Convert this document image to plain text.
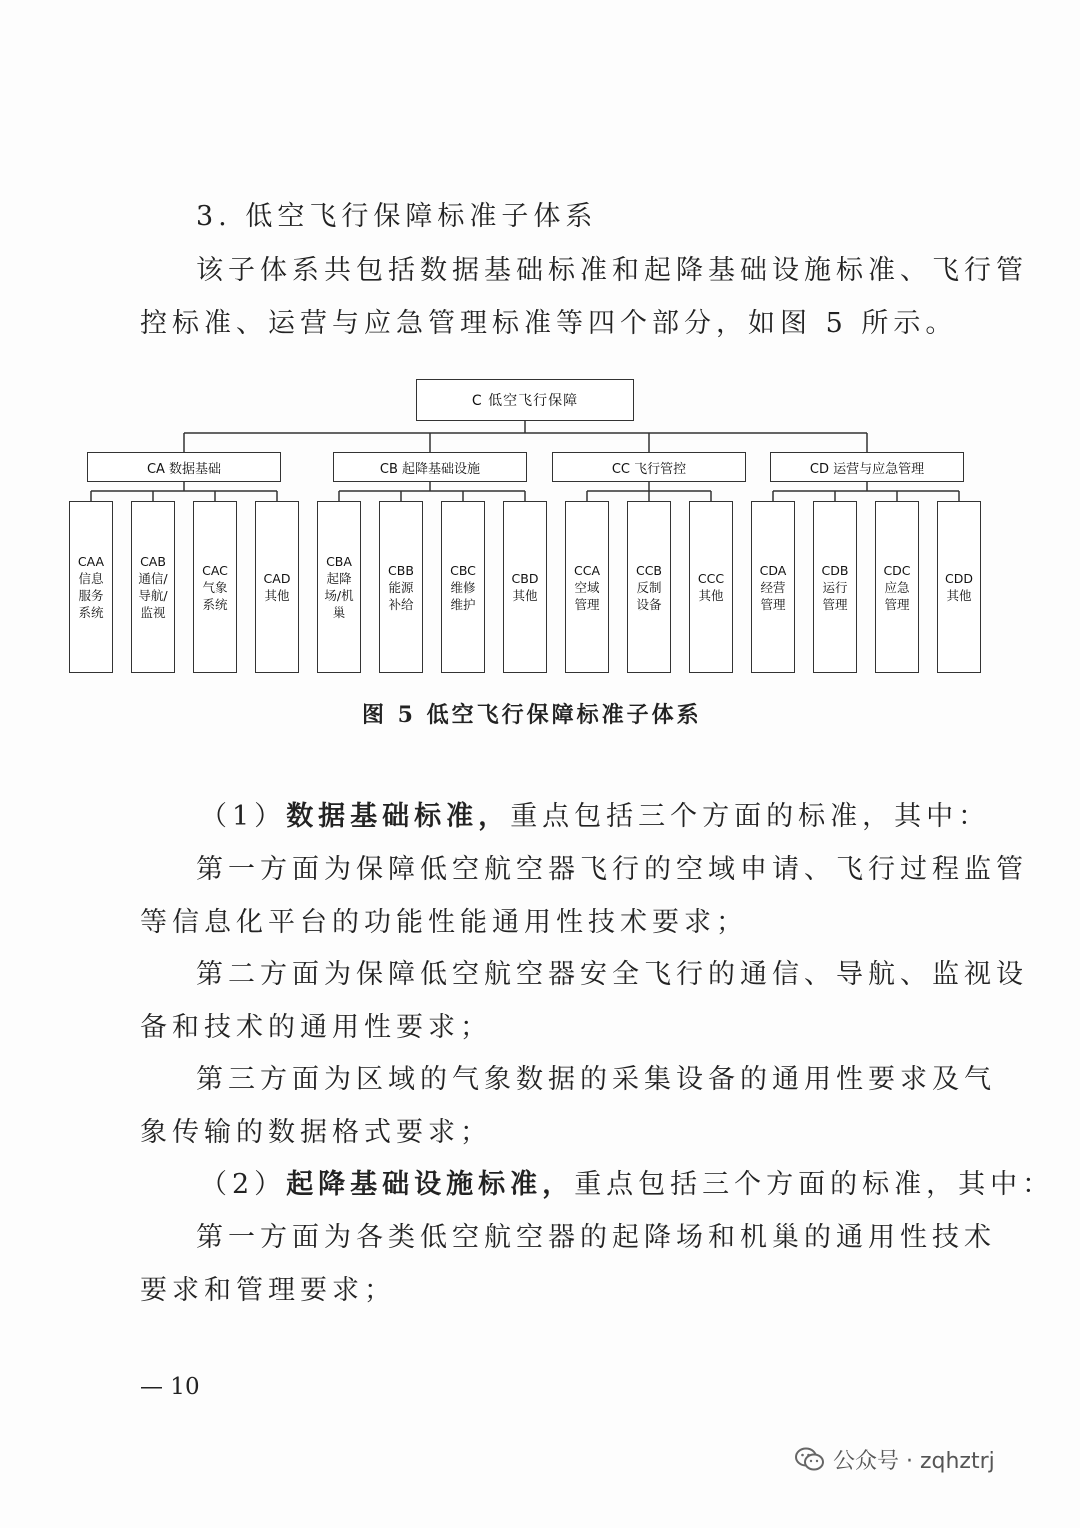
3. 低空飞行保障标准子体系
该子体系共包括数据基础标准和起降基础设施标准、飞行管
控标准、运营与应急管理标准等四个部分，如图 5 所示。
C 低空飞行保障
CA 数据基础
CAA
信息
服务
系统
CAB
通信/
导航/
监视
CAC
气象
系统
CAD
其他
CB 起降基础设施
CBA
起降
场/机
巢
CBB
能源
补给
CBC
维修
维护
CBD
其他
CC 飞行管控
CCA
空域
管理
CCB
反制
设备
CCC
其他
CD 运营与应急管理
CDA
经营
管理
CDB
运行
管理
CDC
应急
管理
CDD
其他
图 5 低空飞行保障标准子体系
（1）数据基础标准，重点包括三个方面的标准，其中：
第一方面为保障低空航空器飞行的空域申请、飞行过程监管
等信息化平台的功能性能通用性技术要求；
第二方面为保障低空航空器安全飞行的通信、导航、监视设
备和技术的通用性要求；
第三方面为区域的气象数据的采集设备的通用性要求及气
象传输的数据格式要求；
（2）起降基础设施标准，重点包括三个方面的标准，其中：
第一方面为各类低空航空器的起降场和机巢的通用性技术
要求和管理要求；
— 10
公众号 · zqhztrj
